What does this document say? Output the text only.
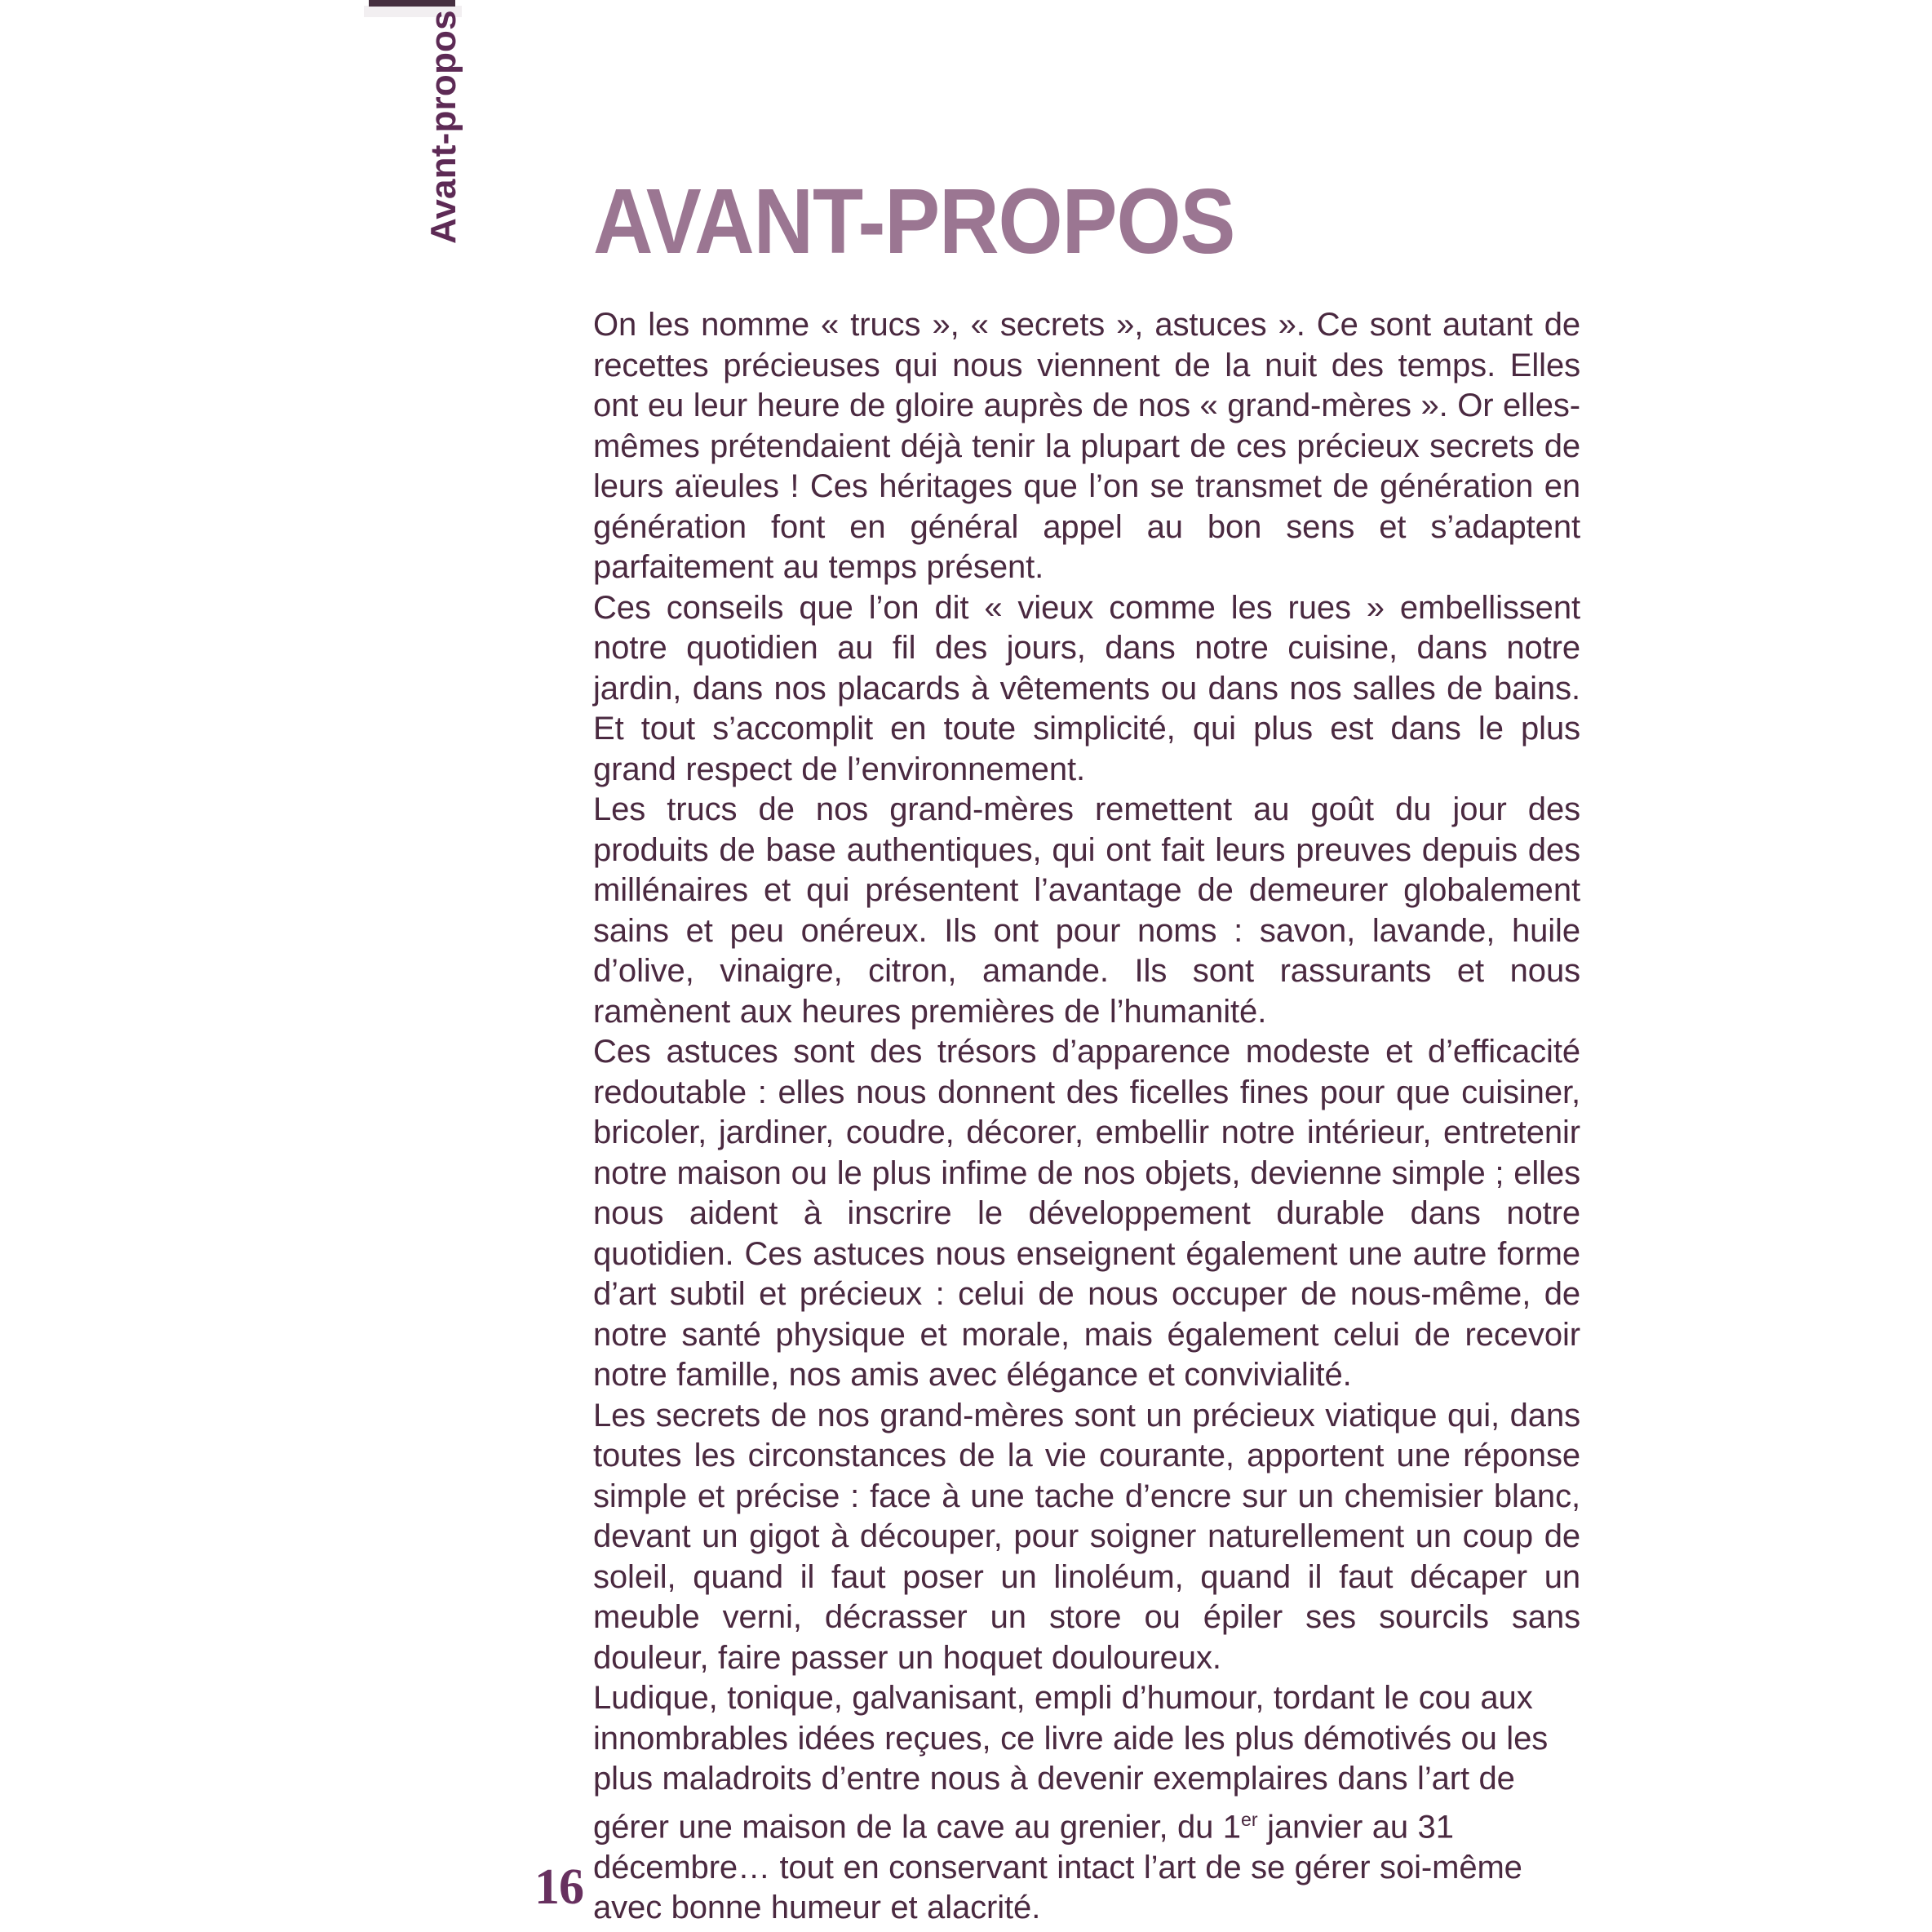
Avant-propos AVANT-PROPOS

On les nomme « trucs », « secrets », astuces ». Ce sont autant de recettes précieuses qui nous viennent de la nuit des temps. Elles ont eu leur heure de gloire auprès de nos « grand-mères ». Or elles-mêmes prétendaient déjà tenir la plupart de ces précieux secrets de leurs aïeules ! Ces héritages que l’on se transmet de génération en génération font en général appel au bon sens et s’adaptent parfaitement au temps présent.

Ces conseils que l’on dit « vieux comme les rues » embellissent notre quotidien au fil des jours, dans notre cuisine, dans notre jardin, dans nos placards à vêtements ou dans nos salles de bains. Et tout s’accomplit en toute simplicité, qui plus est dans le plus grand respect de l’environnement.

Les trucs de nos grand-mères remettent au goût du jour des produits de base authentiques, qui ont fait leurs preuves depuis des millénaires et qui présentent l’avantage de demeurer globalement sains et peu onéreux. Ils ont pour noms : savon, lavande, huile d’olive, vinaigre, citron, amande. Ils sont rassurants et nous ramènent aux heures premières de l’humanité.

Ces astuces sont des trésors d’apparence modeste et d’efficacité redoutable : elles nous donnent des ficelles fines pour que cuisiner, bricoler, jardiner, coudre, décorer, embellir notre intérieur, entretenir notre maison ou le plus infime de nos objets, devienne simple ; elles nous aident à inscrire le développement durable dans notre quotidien. Ces astuces nous enseignent également une autre forme d’art subtil et précieux : celui de nous occuper de nous-même, de notre santé physique et morale, mais également celui de recevoir notre famille, nos amis avec élégance et convivialité.

Les secrets de nos grand-mères sont un précieux viatique qui, dans toutes les circonstances de la vie courante, apportent une réponse simple et précise : face à une tache d’encre sur un chemisier blanc, devant un gigot à découper, pour soigner naturellement un coup de soleil, quand il faut poser un linoléum, quand il faut décaper un meuble verni, décrasser un store ou épiler ses sourcils sans douleur, faire passer un hoquet douloureux.

Ludique, tonique, galvanisant, empli d’humour, tordant le cou aux innombrables idées reçues, ce livre aide les plus démotivés ou les plus maladroits d’entre nous à devenir exemplaires dans l’art de gérer une maison de la cave au grenier, du 1er janvier au 31 décembre… tout en conservant intact l’art de se gérer soi-même avec bonne humeur et alacrité.

16
